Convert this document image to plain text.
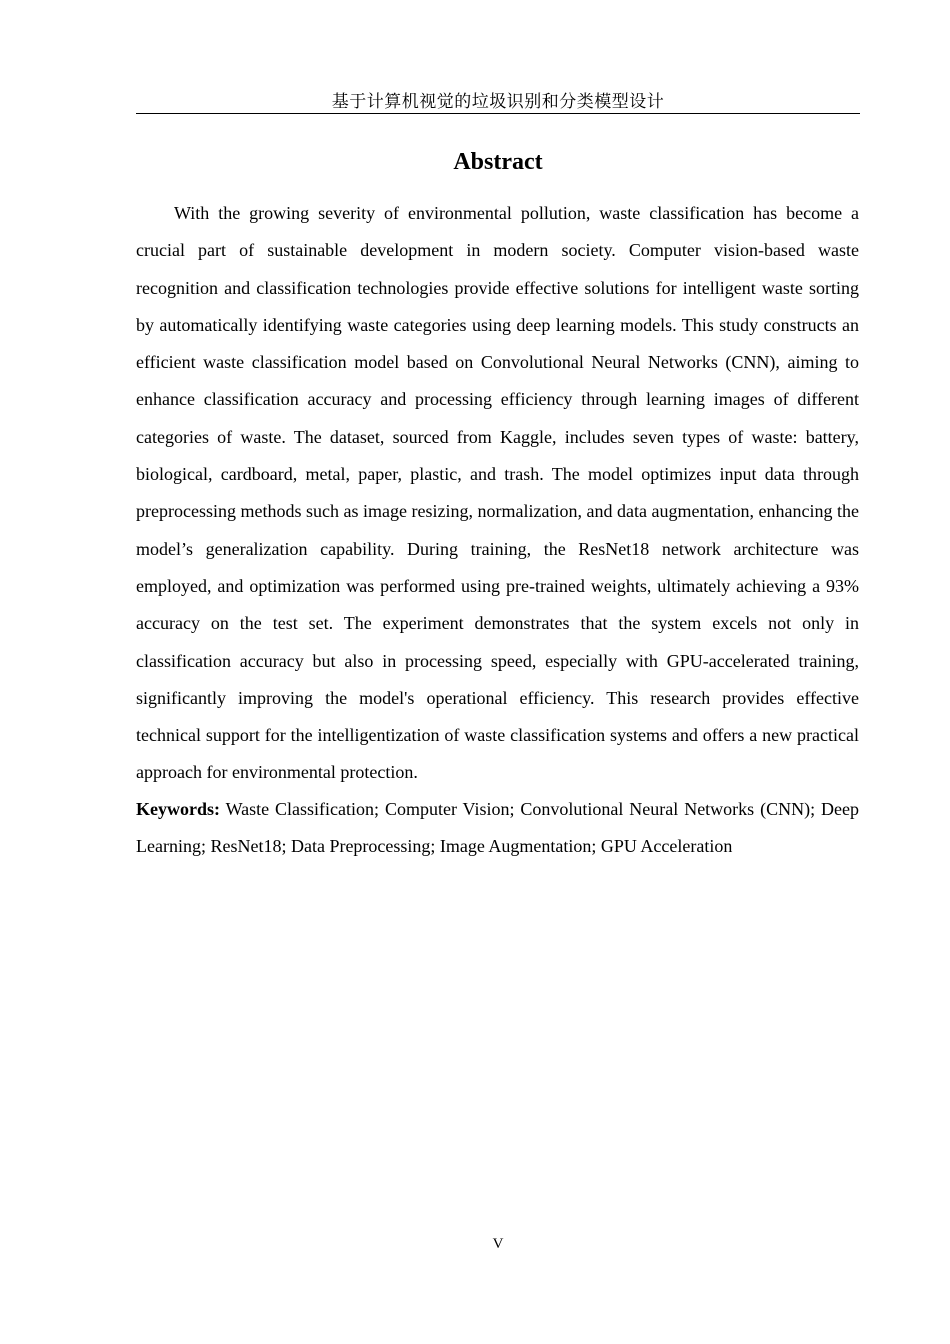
基于计算机视觉的垃圾识别和分类模型设计
Abstract

With the growing severity of environmental pollution, waste classification has become a crucial part of sustainable development in modern society. Computer vision-based waste recognition and classification technologies provide effective solutions for intelligent waste sorting by automatically identifying waste categories using deep learning models. This study constructs an efficient waste classification model based on Convolutional Neural Networks (CNN), aiming to enhance classification accuracy and processing efficiency through learning images of different categories of waste. The dataset, sourced from Kaggle, includes seven types of waste: battery, biological, cardboard, metal, paper, plastic, and trash. The model optimizes input data through preprocessing methods such as image resizing, normalization, and data augmentation, enhancing the model’s generalization capability. During training, the ResNet18 network architecture was employed, and optimization was performed using pre-trained weights, ultimately achieving a 93% accuracy on the test set. The experiment demonstrates that the system excels not only in classification accuracy but also in processing speed, especially with GPU-accelerated training, significantly improving the model's operational efficiency. This research provides effective technical support for the intelligentization of waste classification systems and offers a new practical approach for environmental protection.

Keywords: Waste Classification; Computer Vision; Convolutional Neural Networks (CNN); Deep Learning; ResNet18; Data Preprocessing; Image Augmentation; GPU Acceleration

V
